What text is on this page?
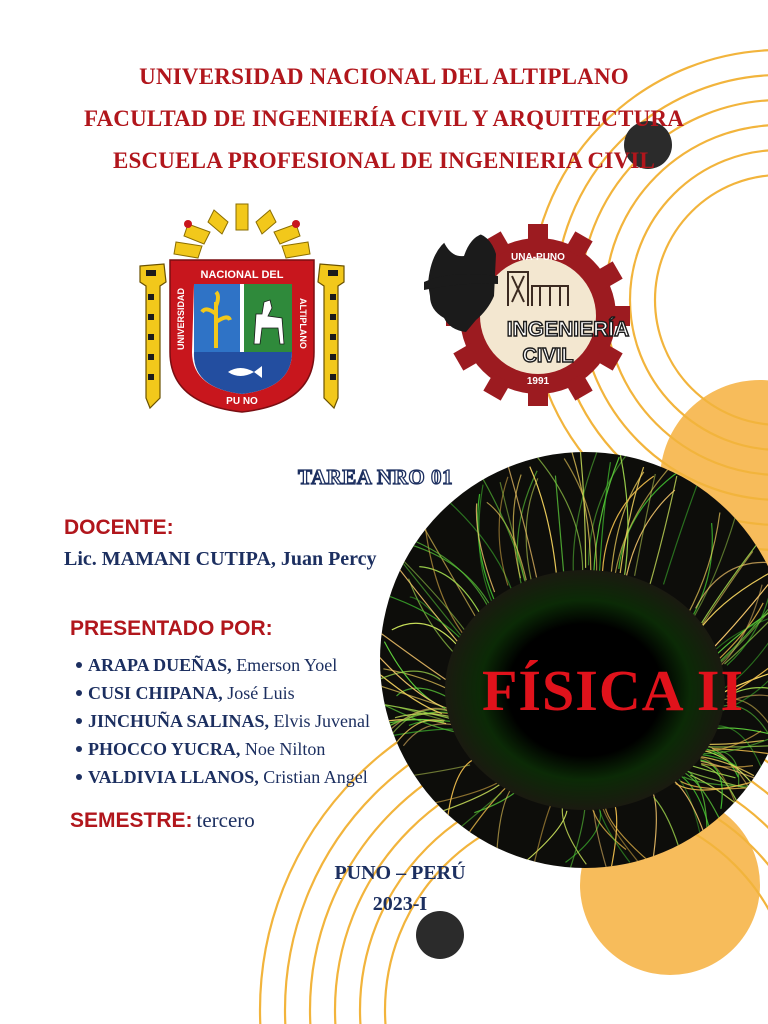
UNIVERSIDAD NACIONAL DEL ALTIPLANO
FACULTAD DE INGENIERÍA CIVIL Y ARQUITECTURA
ESCUELA PROFESIONAL DE INGENIERIA CIVIL
NACIONAL DEL
UNIVERSIDAD	ALTIPLANO
PU NO
UNA-PUNO
INGENIERÍA
CIVIL
1991
TAREA NRO 01
DOCENTE:
Lic. MAMANI CUTIPA, Juan Percy
PRESENTADO POR:
ARAPA DUEÑAS, Emerson Yoel
CUSI CHIPANA, José Luis
JINCHUÑA SALINAS, Elvis Juvenal
PHOCCO YUCRA, Noe Nilton
VALDIVIA LLANOS, Cristian Angel
SEMESTRE: tercero
FÍSICA II
PUNO – PERÚ
2023-I
